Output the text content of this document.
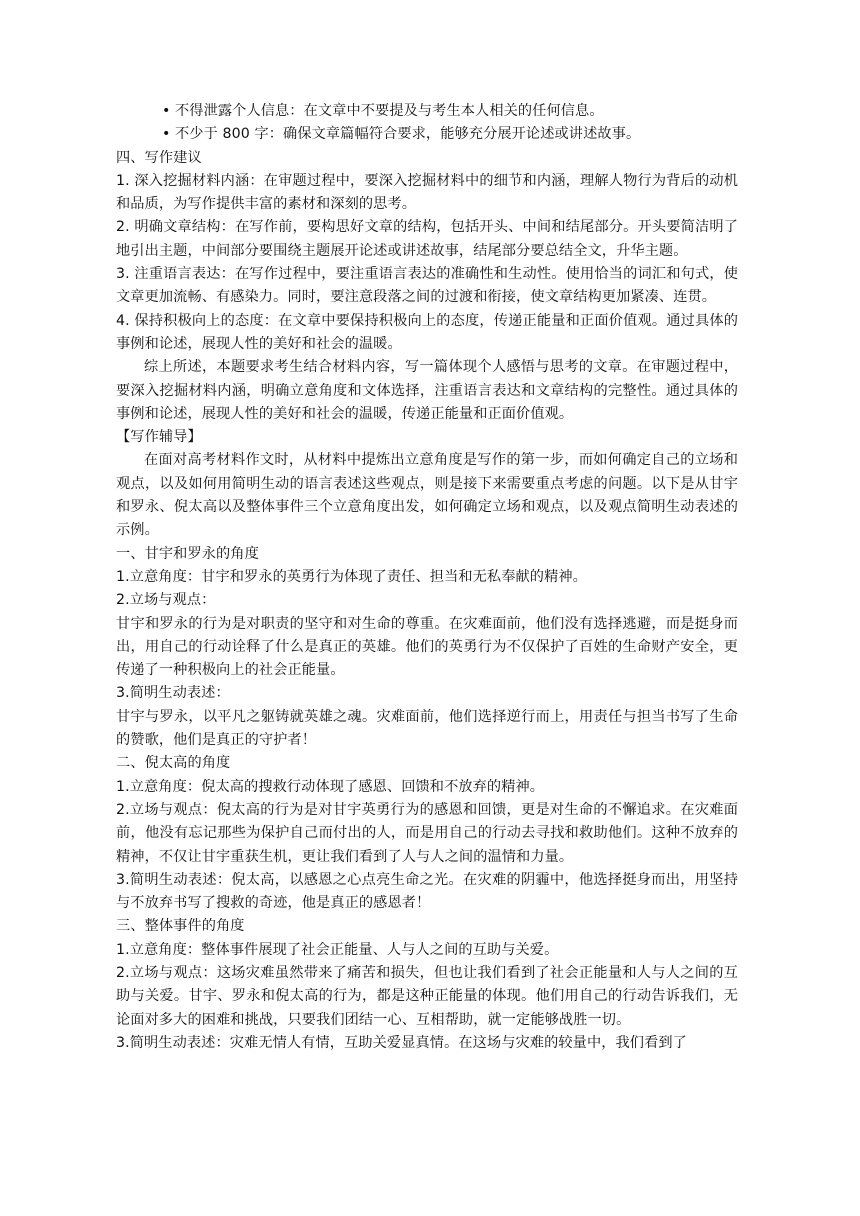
• 不得泄露个人信息：在文章中不要提及与考生本人相关的任何信息。
• 不少于 800 字：确保文章篇幅符合要求，能够充分展开论述或讲述故事。
四、写作建议
1. 深入挖掘材料内涵：在审题过程中，要深入挖掘材料中的细节和内涵，理解人物行为背后的动机和品质，为写作提供丰富的素材和深刻的思考。
2. 明确文章结构：在写作前，要构思好文章的结构，包括开头、中间和结尾部分。开头要简洁明了地引出主题，中间部分要围绕主题展开论述或讲述故事，结尾部分要总结全文，升华主题。
3. 注重语言表达：在写作过程中，要注重语言表达的准确性和生动性。使用恰当的词汇和句式，使文章更加流畅、有感染力。同时，要注意段落之间的过渡和衔接，使文章结构更加紧凑、连贯。
4. 保持积极向上的态度：在文章中要保持积极向上的态度，传递正能量和正面价值观。通过具体的事例和论述，展现人性的美好和社会的温暖。
综上所述，本题要求考生结合材料内容，写一篇体现个人感悟与思考的文章。在审题过程中，要深入挖掘材料内涵，明确立意角度和文体选择，注重语言表达和文章结构的完整性。通过具体的事例和论述，展现人性的美好和社会的温暖，传递正能量和正面价值观。
【写作辅导】
在面对高考材料作文时，从材料中提炼出立意角度是写作的第一步，而如何确定自己的立场和观点，以及如何用简明生动的语言表述这些观点，则是接下来需要重点考虑的问题。以下是从甘宇和罗永、倪太高以及整体事件三个立意角度出发，如何确定立场和观点，以及观点简明生动表述的示例。
一、甘宇和罗永的角度
1.立意角度：甘宇和罗永的英勇行为体现了责任、担当和无私奉献的精神。
2.立场与观点：
甘宇和罗永的行为是对职责的坚守和对生命的尊重。在灾难面前，他们没有选择逃避，而是挺身而出，用自己的行动诠释了什么是真正的英雄。他们的英勇行为不仅保护了百姓的生命财产安全，更传递了一种积极向上的社会正能量。
3.简明生动表述：
甘宇与罗永，以平凡之躯铸就英雄之魂。灾难面前，他们选择逆行而上，用责任与担当书写了生命的赞歌，他们是真正的守护者！
二、倪太高的角度
1.立意角度：倪太高的搜救行动体现了感恩、回馈和不放弃的精神。
2.立场与观点：倪太高的行为是对甘宇英勇行为的感恩和回馈，更是对生命的不懈追求。在灾难面前，他没有忘记那些为保护自己而付出的人，而是用自己的行动去寻找和救助他们。这种不放弃的精神，不仅让甘宇重获生机，更让我们看到了人与人之间的温情和力量。
3.简明生动表述：倪太高，以感恩之心点亮生命之光。在灾难的阴霾中，他选择挺身而出，用坚持与不放弃书写了搜救的奇迹，他是真正的感恩者！
三、整体事件的角度
1.立意角度：整体事件展现了社会正能量、人与人之间的互助与关爱。
2.立场与观点：这场灾难虽然带来了痛苦和损失，但也让我们看到了社会正能量和人与人之间的互助与关爱。甘宇、罗永和倪太高的行为，都是这种正能量的体现。他们用自己的行动告诉我们，无论面对多大的困难和挑战，只要我们团结一心、互相帮助，就一定能够战胜一切。
3.简明生动表述：灾难无情人有情，互助关爱显真情。在这场与灾难的较量中，我们看到了
